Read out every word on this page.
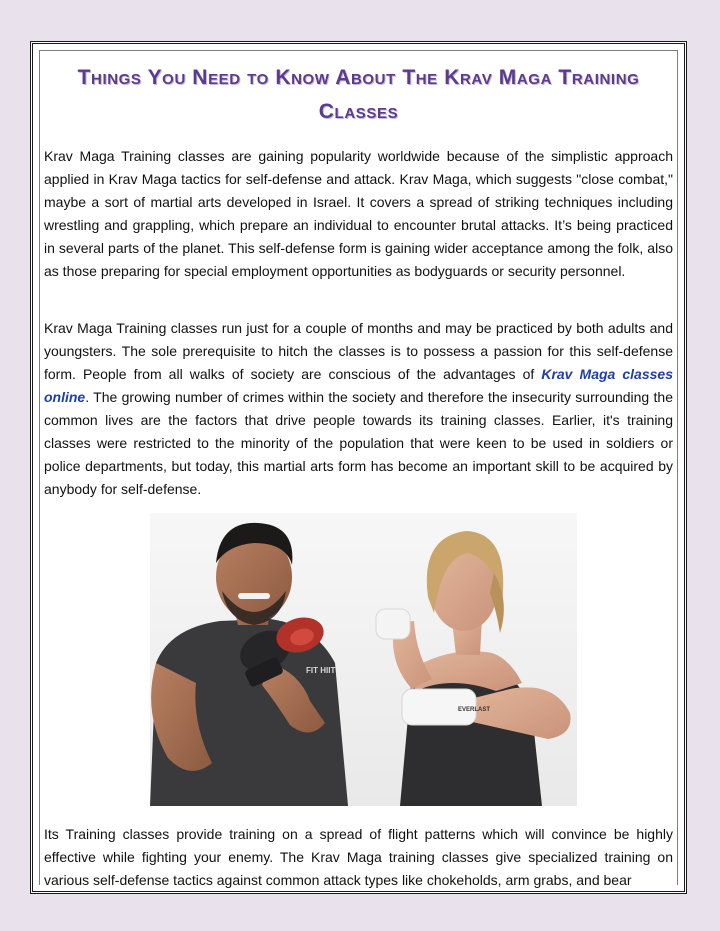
Things You Need to Know About The Krav Maga Training Classes

Krav Maga Training classes are gaining popularity worldwide because of the simplistic approach applied in Krav Maga tactics for self-defense and attack. Krav Maga, which suggests "close combat," maybe a sort of martial arts developed in Israel. It covers a spread of striking techniques including wrestling and grappling, which prepare an individual to encounter brutal attacks. It’s being practiced in several parts of the planet. This self-defense form is gaining wider acceptance among the folk, also as those preparing for special employment opportunities as bodyguards or security personnel.

Krav Maga Training classes run just for a couple of months and may be practiced by both adults and youngsters. The sole prerequisite to hitch the classes is to possess a passion for this self-defense form. People from all walks of society are conscious of the advantages of Krav Maga classes online. The growing number of crimes within the society and therefore the insecurity surrounding the common lives are the factors that drive people towards its training classes. Earlier, it's training classes were restricted to the minority of the population that were keen to be used in soldiers or police departments, but today, this martial arts form has become an important skill to be acquired by anybody for self-defense.

FIT HIIT
EVERLAST

Its Training classes provide training on a spread of flight patterns which will convince be highly effective while fighting your enemy. The Krav Maga training classes give specialized training on various self-defense tactics against common attack types like chokeholds, arm grabs, and bear
